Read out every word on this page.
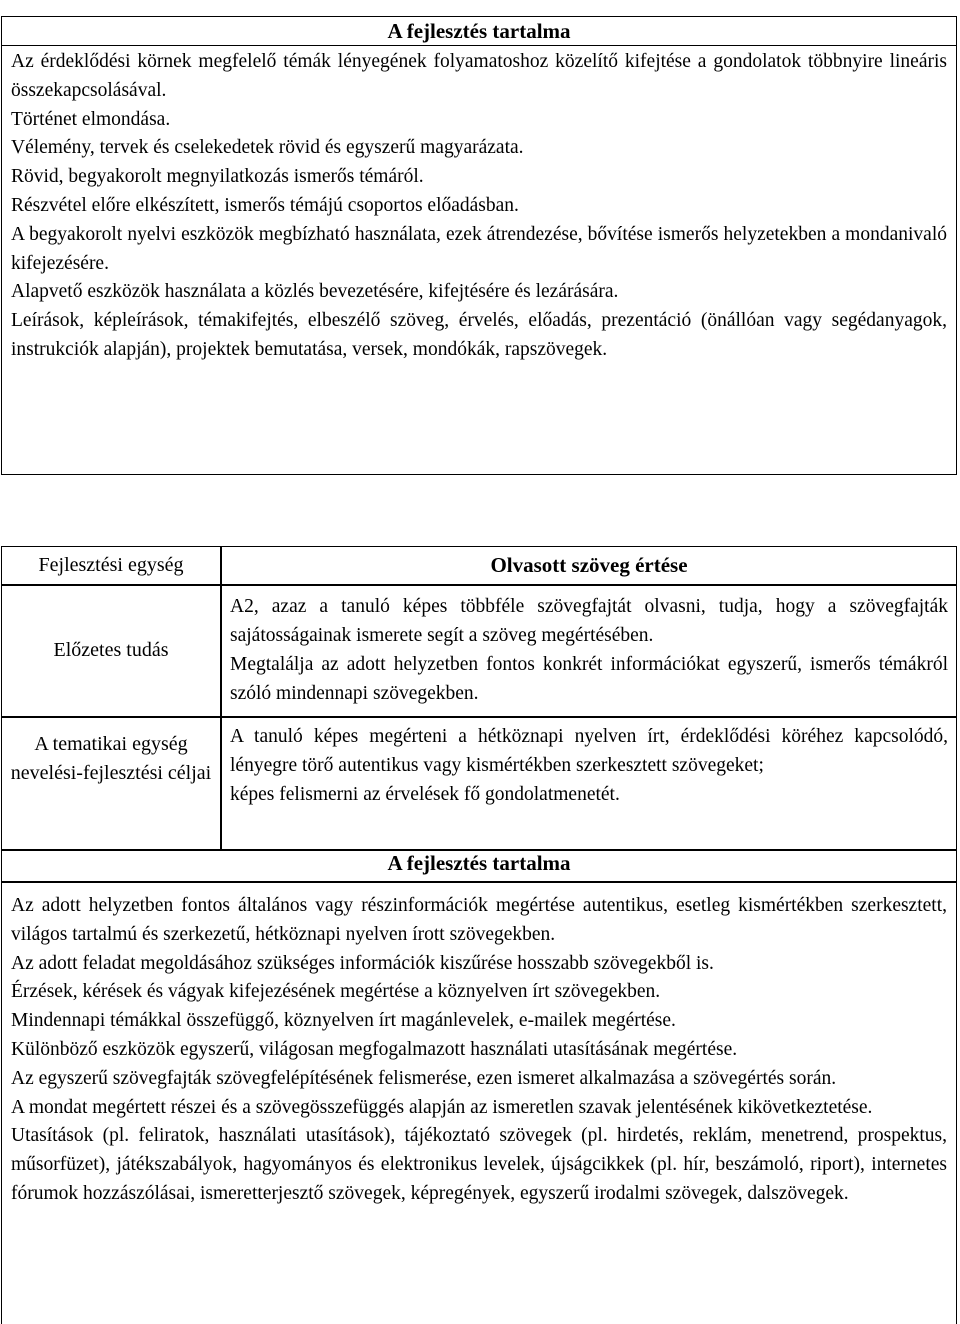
A fejlesztés tartalma

Az érdeklődési körnek megfelelő témák lényegének folyamatoshoz közelítő kifejtése a gondolatok többnyire lineáris összekapcsolásával.

Történet elmondása.

Vélemény, tervek és cselekedetek rövid és egyszerű magyarázata.

Rövid, begyakorolt megnyilatkozás ismerős témáról.

Részvétel előre elkészített, ismerős témájú csoportos előadásban.

A begyakorolt nyelvi eszközök megbízható használata, ezek átrendezése, bővítése ismerős helyzetekben a mondanivaló kifejezésére.

Alapvető eszközök használata a közlés bevezetésére, kifejtésére és lezárására.

Leírások, képleírások, témakifejtés, elbeszélő szöveg, érvelés, előadás, prezentáció (önállóan vagy segédanyagok, instrukciók alapján), projektek bemutatása, versek, mondókák, rapszövegek.

Fejlesztési egység	Olvasott szöveg értése
Előzetes tudás

A2, azaz a tanuló képes többféle szövegfajtát olvasni, tudja, hogy a szövegfajták sajátosságainak ismerete segít a szöveg megértésében.

Megtalálja az adott helyzetben fontos konkrét információkat egyszerű, ismerős témákról szóló mindennapi szövegekben.

A tematikai egység nevelési-fejlesztési céljai

A tanuló képes megérteni a hétköznapi nyelven írt, érdeklődési köréhez kapcsolódó, lényegre törő autentikus vagy kismértékben szerkesztett szövegeket;

képes felismerni az érvelések fő gondolatmenetét.

A fejlesztés tartalma

Az adott helyzetben fontos általános vagy részinformációk megértése autentikus, esetleg kismértékben szerkesztett, világos tartalmú és szerkezetű, hétköznapi nyelven írott szövegekben.

Az adott feladat megoldásához szükséges információk kiszűrése hosszabb szövegekből is.

Érzések, kérések és vágyak kifejezésének megértése a köznyelven írt szövegekben.

Mindennapi témákkal összefüggő, köznyelven írt magánlevelek, e-mailek megértése.

Különböző eszközök egyszerű, világosan megfogalmazott használati utasításának megértése.

Az egyszerű szövegfajták szövegfelépítésének felismerése, ezen ismeret alkalmazása a szövegértés során.

A mondat megértett részei és a szövegösszefüggés alapján az ismeretlen szavak jelentésének kikövetkeztetése.

Utasítások (pl. feliratok, használati utasítások), tájékoztató szövegek (pl. hirdetés, reklám, menetrend, prospektus, műsorfüzet), játékszabályok, hagyományos és elektronikus levelek, újságcikkek (pl. hír, beszámoló, riport), internetes fórumok hozzászólásai, ismeretterjesztő szövegek, képregények, egyszerű irodalmi szövegek, dalszövegek.
